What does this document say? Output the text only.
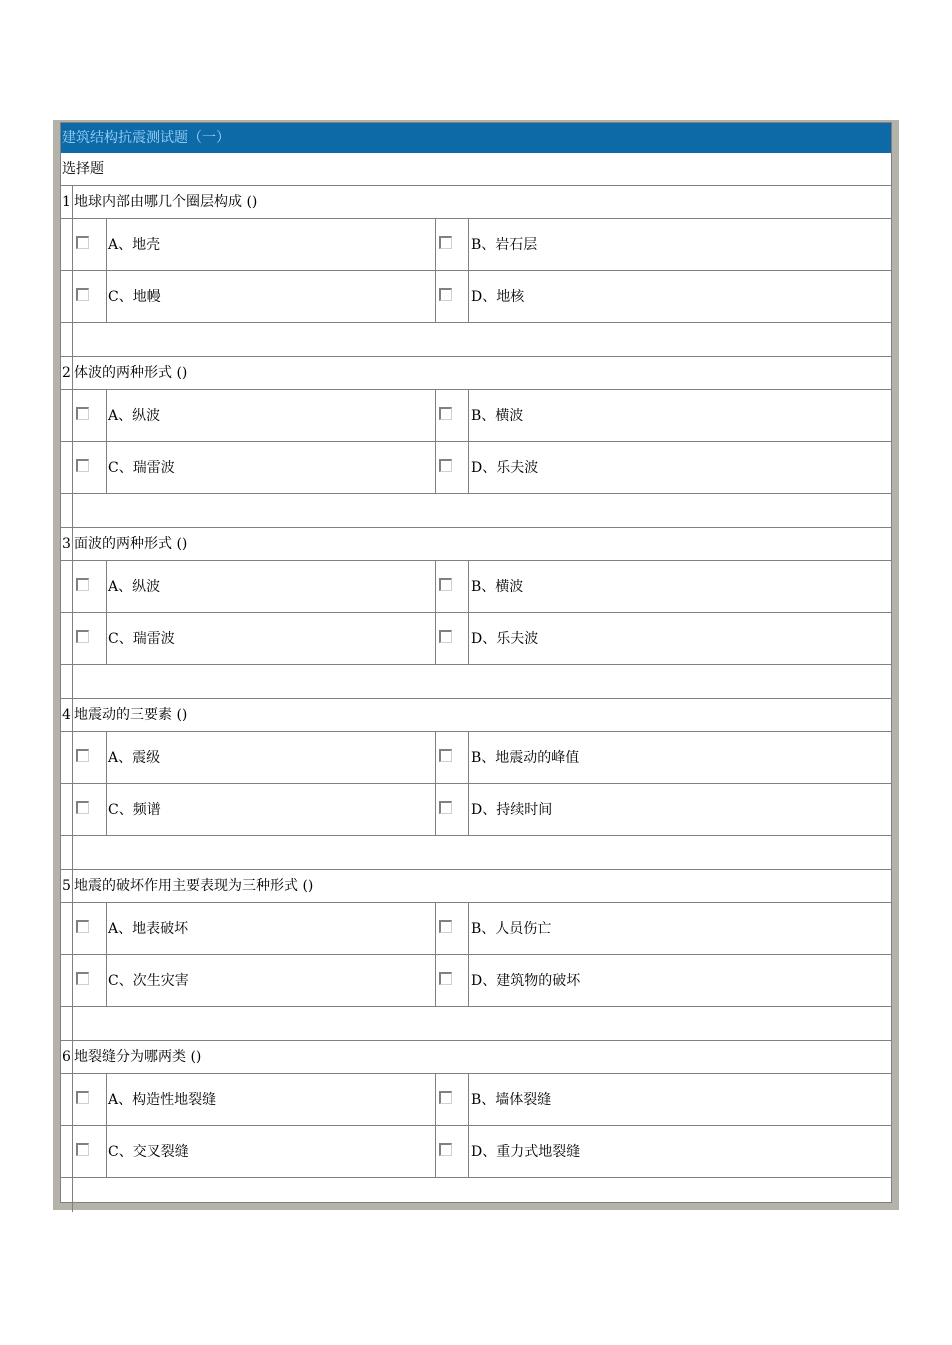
建筑结构抗震测试题（一）
选择题
1 地球内部由哪几个圈层构成 ()
A、地壳	B、岩石层
C、地幔	D、地核
2 体波的两种形式 ()
A、纵波	B、横波
C、瑞雷波	D、乐夫波
3 面波的两种形式 ()
A、纵波	B、横波
C、瑞雷波	D、乐夫波
4 地震动的三要素 ()
A、震级	B、地震动的峰值
C、频谱	D、持续时间
5 地震的破坏作用主要表现为三种形式 ()
A、地表破坏	B、人员伤亡
C、次生灾害	D、建筑物的破坏
6 地裂缝分为哪两类 ()
A、构造性地裂缝	B、墙体裂缝
C、交叉裂缝	D、重力式地裂缝
